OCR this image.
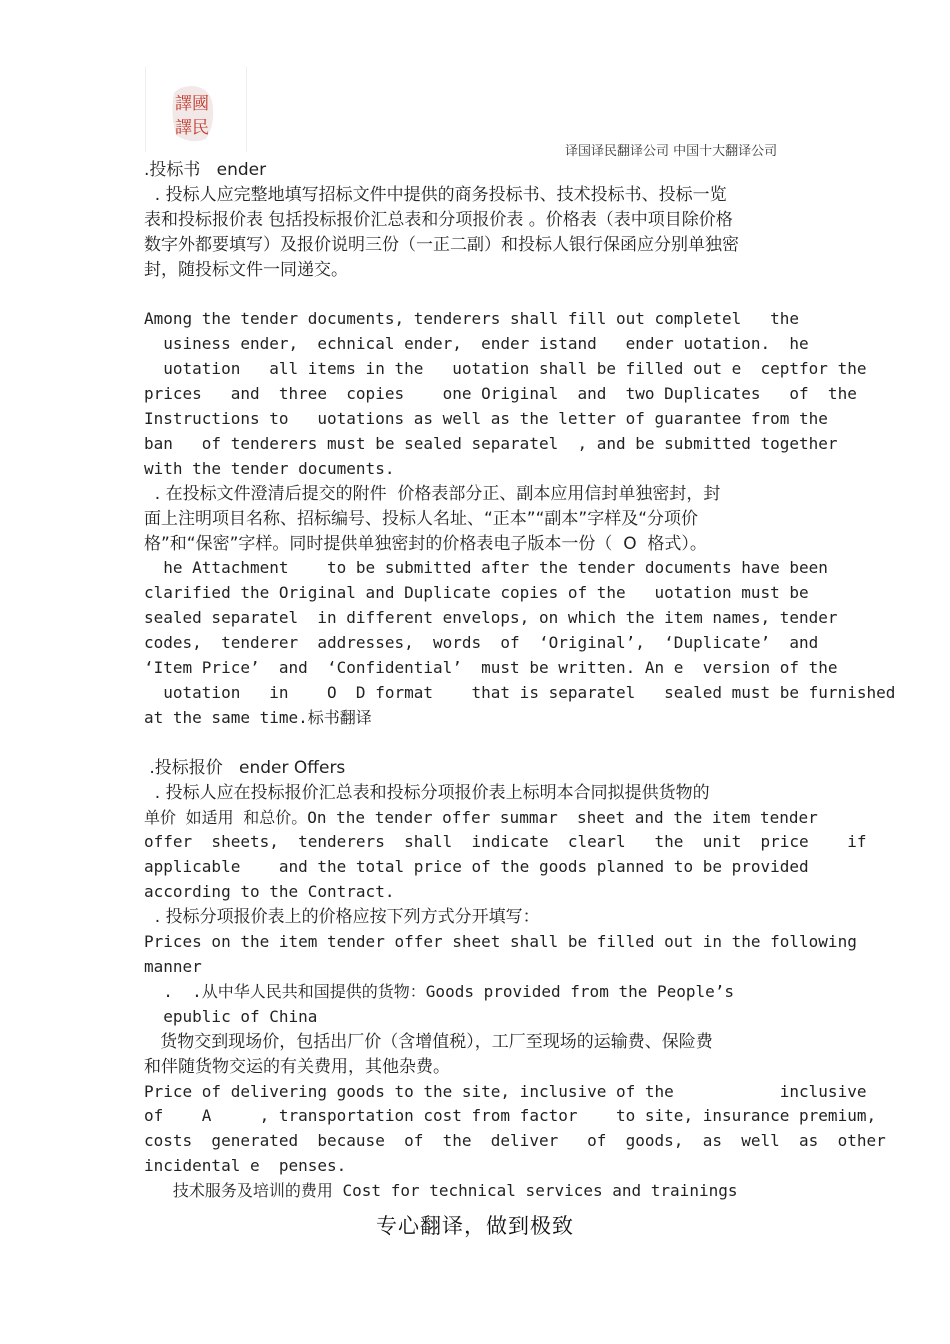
譯國
譯民
译国译民翻译公司 中国十大翻译公司
.投标书   ender
. 投标人应完整地填写招标文件中提供的商务投标书、技术投标书、投标一览
表和投标报价表 包括投标报价汇总表和分项报价表 。价格表（表中项目除价格
数字外都要填写）及报价说明三份（一正二副）和投标人银行保函应分别单独密
封，随投标文件一同递交。
Among the tender documents, tenderers shall fill out completel   the
usiness ender,  echnical ender,  ender istand   ender uotation.  he
uotation   all items in the   uotation shall be filled out e  ceptfor the
prices   and  three  copies    one Original  and  two Duplicates   of  the
Instructions to   uotations as well as the letter of guarantee from the
ban   of tenderers must be sealed separatel  , and be submitted together
with the tender documents.
. 在投标文件澄清后提交的附件  价格表部分正、副本应用信封单独密封，封
面上注明项目名称、招标编号、投标人名址、“正本”“副本”字样及“分项价
格”和“保密”字样。同时提供单独密封的价格表电子版本一份（  O  格式）。
he Attachment    to be submitted after the tender documents have been
clarified the Original and Duplicate copies of the   uotation must be
sealed separatel  in different envelops, on which the item names, tender
codes,  tenderer  addresses,  words  of  ‘Original’,  ‘Duplicate’  and
‘Item Price’  and  ‘Confidential’  must be written. An e  version of the
uotation   in    O  D format    that is separatel   sealed must be furnished
at the same time.标书翻译
.投标报价   ender Offers
. 投标人应在投标报价汇总表和投标分项报价表上标明本合同拟提供货物的
单价 如适用 和总价。On the tender offer summar  sheet and the item tender
offer  sheets,  tenderers  shall  indicate  clearl   the  unit  price    if
applicable    and the total price of the goods planned to be provided
according to the Contract.
. 投标分项报价表上的价格应按下列方式分开填写：
Prices on the item tender offer sheet shall be filled out in the following
manner
.  .从中华人民共和国提供的货物：Goods provided from the People’s
epublic of China
货物交到现场价，包括出厂价（含增值税），工厂至现场的运输费、保险费
和伴随货物交运的有关费用，其他杂费。
Price of delivering goods to the site, inclusive of the           inclusive
of    A     , transportation cost from factor    to site, insurance premium,
costs  generated  because  of  the  deliver   of  goods,  as  well  as  other
incidental e  penses.
技术服务及培训的费用 Cost for technical services and trainings
专心翻译，做到极致
